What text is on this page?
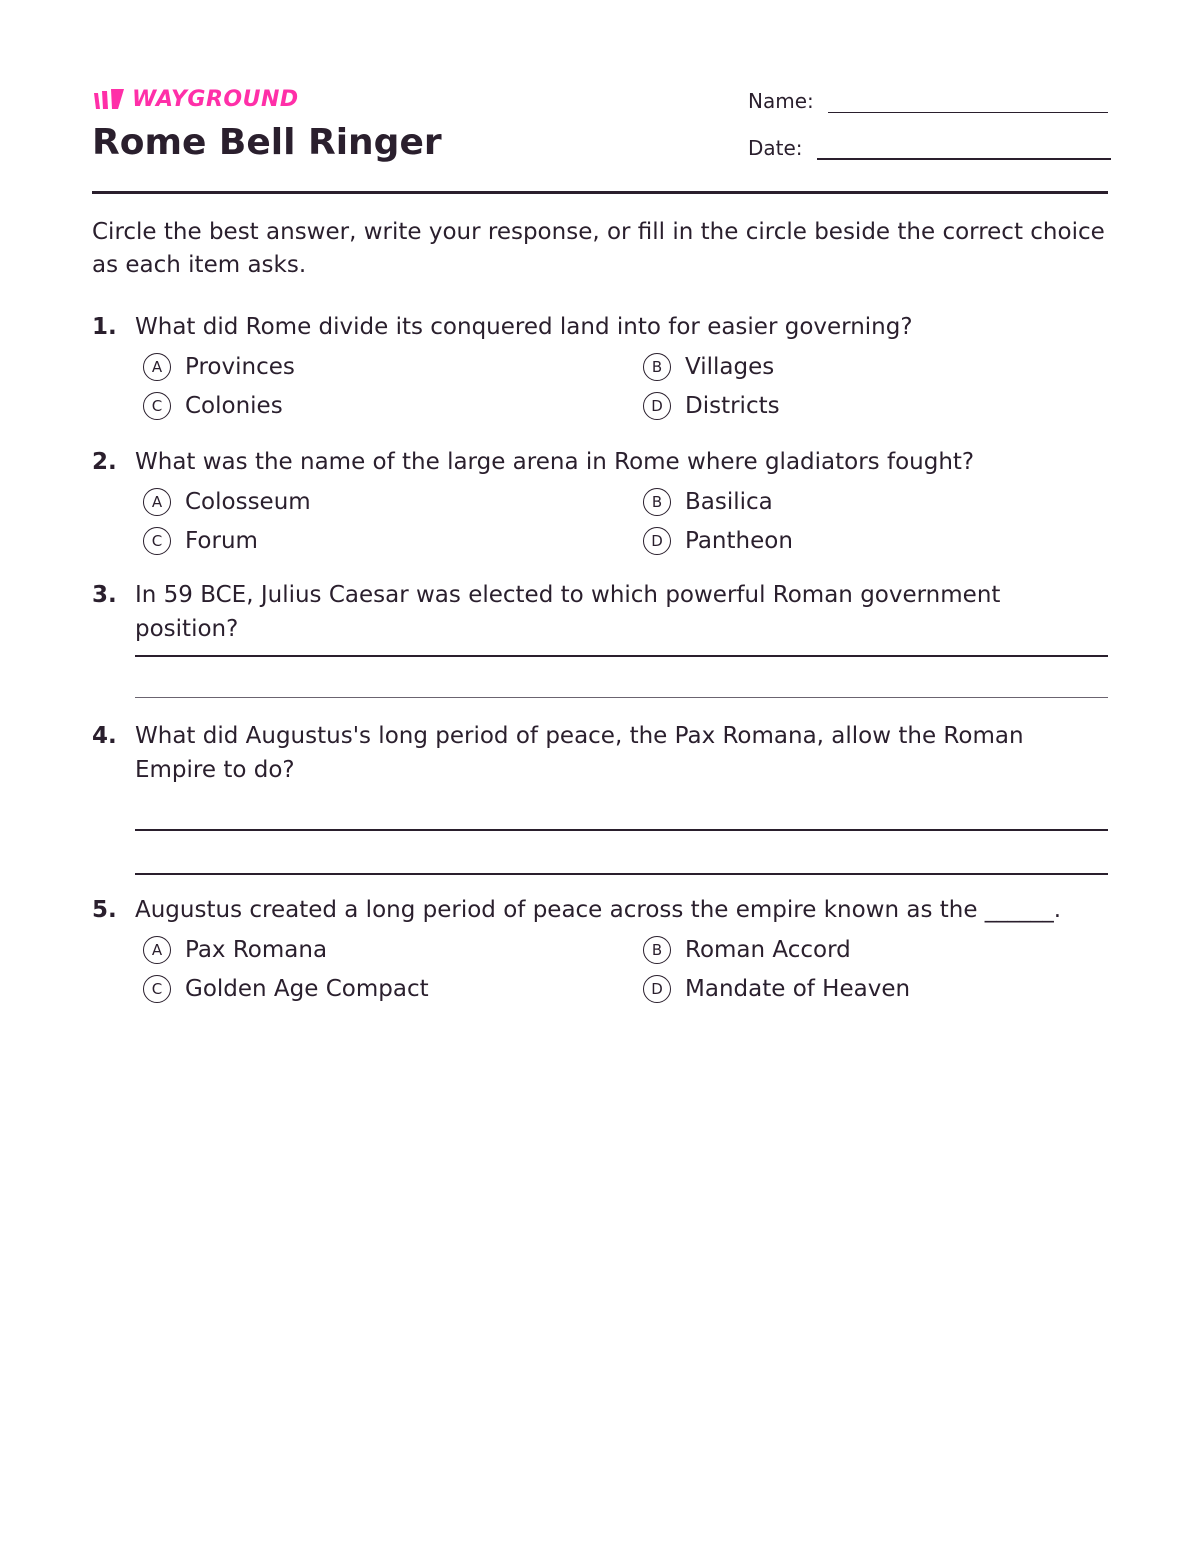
WAYGROUND
Rome Bell Ringer
Name:
Date:

Circle the best answer, write your response, or fill in the circle beside the correct choice as each item asks.

1. What did Rome divide its conquered land into for easier governing?
A Provinces	B Villages
C Colonies	D Districts
2. What was the name of the large arena in Rome where gladiators fought?
A Colosseum	B Basilica
C Forum	D Pantheon
3. In 59 BCE, Julius Caesar was elected to which powerful Roman government position?
4. What did Augustus's long period of peace, the Pax Romana, allow the Roman Empire to do?
5. Augustus created a long period of peace across the empire known as the ______.
A Pax Romana	B Roman Accord
C Golden Age Compact	D Mandate of Heaven
